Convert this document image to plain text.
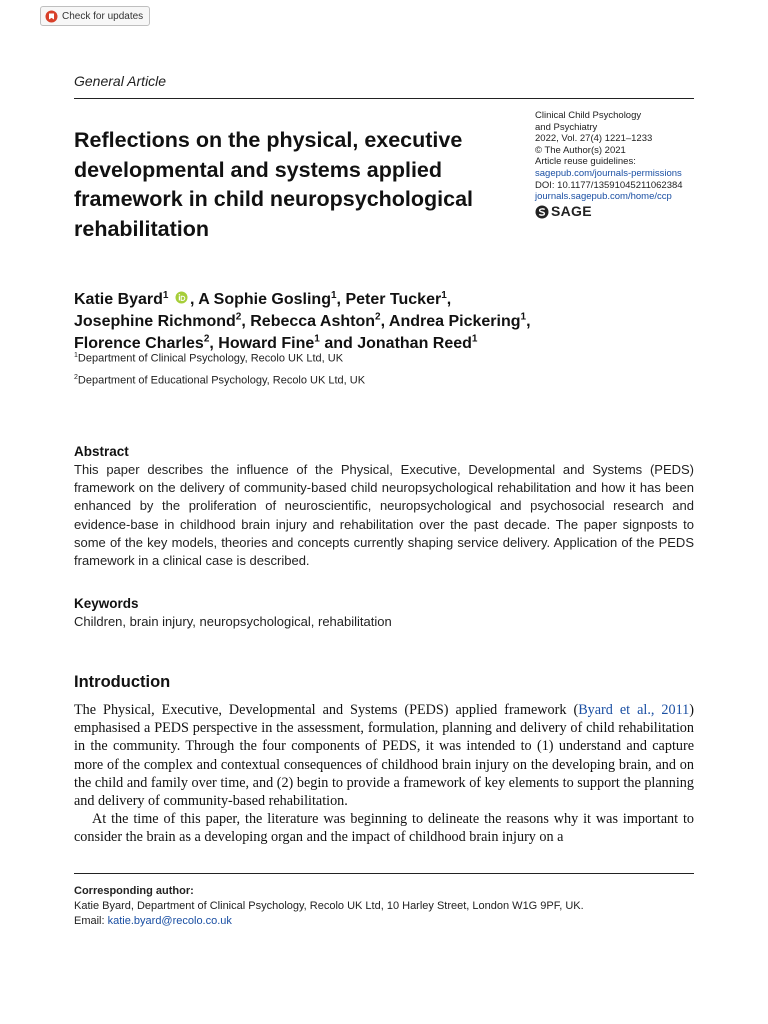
Check for updates
General Article
Reflections on the physical, executive developmental and systems applied framework in child neuropsychological rehabilitation
Clinical Child Psychology
and Psychiatry
2022, Vol. 27(4) 1221–1233
© The Author(s) 2021
Article reuse guidelines:
sagepub.com/journals-permissions
DOI: 10.1177/13591045211062384
journals.sagepub.com/home/ccp
SAGE
Katie Byard$^1$ , A Sophie Gosling$^1$, Peter Tucker$^1$,
Josephine Richmond$^2$, Rebecca Ashton$^2$, Andrea Pickering$^1$,
Florence Charles$^2$, Howard Fine$^1$ and Jonathan Reed$^1$
$^1$Department of Clinical Psychology, Recolo UK Ltd, UK
$^2$Department of Educational Psychology, Recolo UK Ltd, UK
Abstract
This paper describes the influence of the Physical, Executive, Developmental and Systems (PEDS) framework on the delivery of community-based child neuropsychological rehabilitation and how it has been enhanced by the proliferation of neuroscientific, neuropsychological and psychosocial research and evidence-base in childhood brain injury and rehabilitation over the past decade. The paper signposts to some of the key models, theories and concepts currently shaping service delivery. Application of the PEDS framework in a clinical case is described.
Keywords
Children, brain injury, neuropsychological, rehabilitation
Introduction

The Physical, Executive, Developmental and Systems (PEDS) applied framework (Byard et al., 2011) emphasised a PEDS perspective in the assessment, formulation, planning and delivery of child rehabilitation in the community. Through the four components of PEDS, it was intended to (1) understand and capture more of the complex and contextual consequences of childhood brain injury on the developing brain, and on the child and family over time, and (2) begin to provide a framework of key elements to support the planning and delivery of community-based rehabilitation.

At the time of this paper, the literature was beginning to delineate the reasons why it was important to consider the brain as a developing organ and the impact of childhood brain injury on a

Corresponding author:
Katie Byard, Department of Clinical Psychology, Recolo UK Ltd, 10 Harley Street, London W1G 9PF, UK.
Email: katie.byard@recolo.co.uk
